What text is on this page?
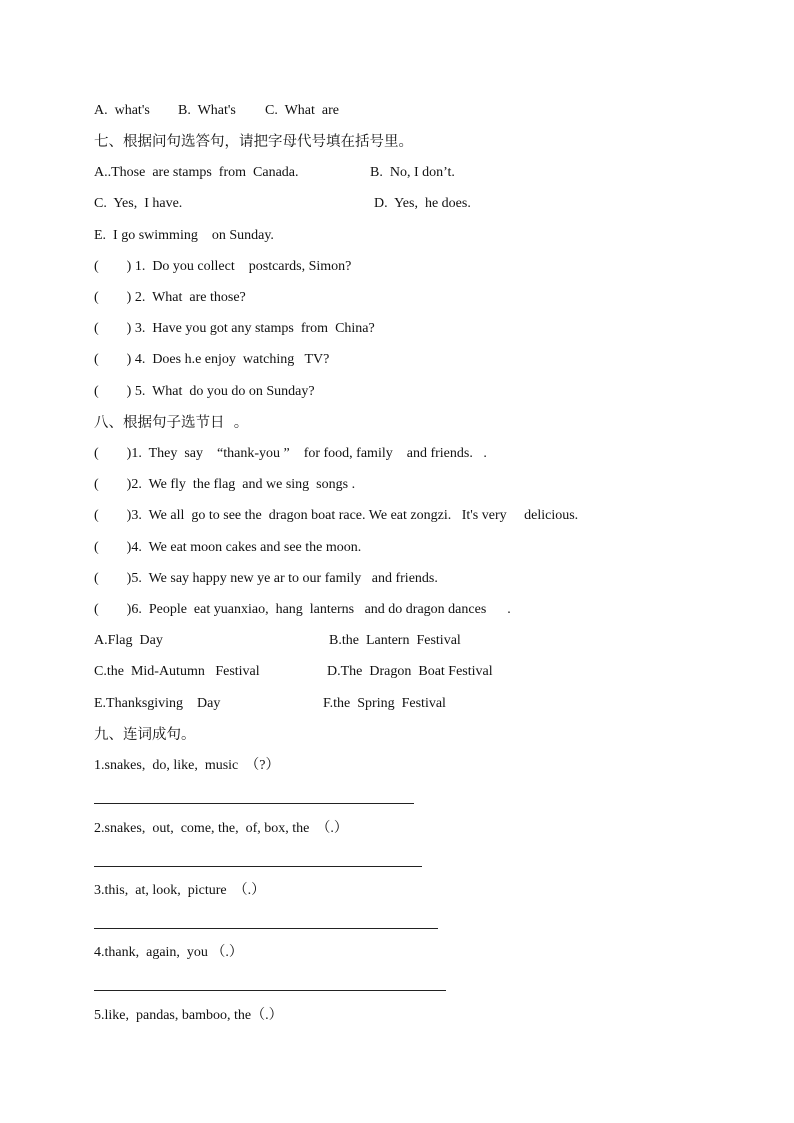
A.  what's B.  What's C.  What  are
七、根据问句选答句，请把字母代号填在括号里。
A..Those  are stamps  from  Canada.	B.  No, I don’t.
C.  Yes,  I have.	D.  Yes,  he does.
E.  I go swimming    on Sunday.
(        ) 1.  Do you collect    postcards, Simon?
(        ) 2.  What  are those?
(        ) 3.  Have you got any stamps  from  China?
(        ) 4.  Does h.e enjoy  watching   TV?
(        ) 5.  What  do you do on Sunday?
八、根据句子选节日  。
(        )1.  They  say    “thank-you ”    for food, family    and friends.   .
(        )2.  We fly  the flag  and we sing  songs .
(        )3.  We all  go to see the  dragon boat race. We eat zongzi.   It's very     delicious.
(        )4.  We eat moon cakes and see the moon.
(        )5.  We say happy new ye ar to our family   and friends.
(        )6.  People  eat yuanxiao,  hang  lanterns   and do dragon dances      .
A.Flag  Day	B.the  Lantern  Festival
C.the  Mid-Autumn   Festival	D.The  Dragon  Boat Festival
E.Thanksgiving    Day	F.the  Spring  Festival
九、连词成句。
1.snakes,  do, like,  music  （?）
2.snakes,  out,  come, the,  of, box, the  （.）
3.this,  at, look,  picture  （.）
4.thank,  again,  you （.）
5.like,  pandas, bamboo, the（.）
